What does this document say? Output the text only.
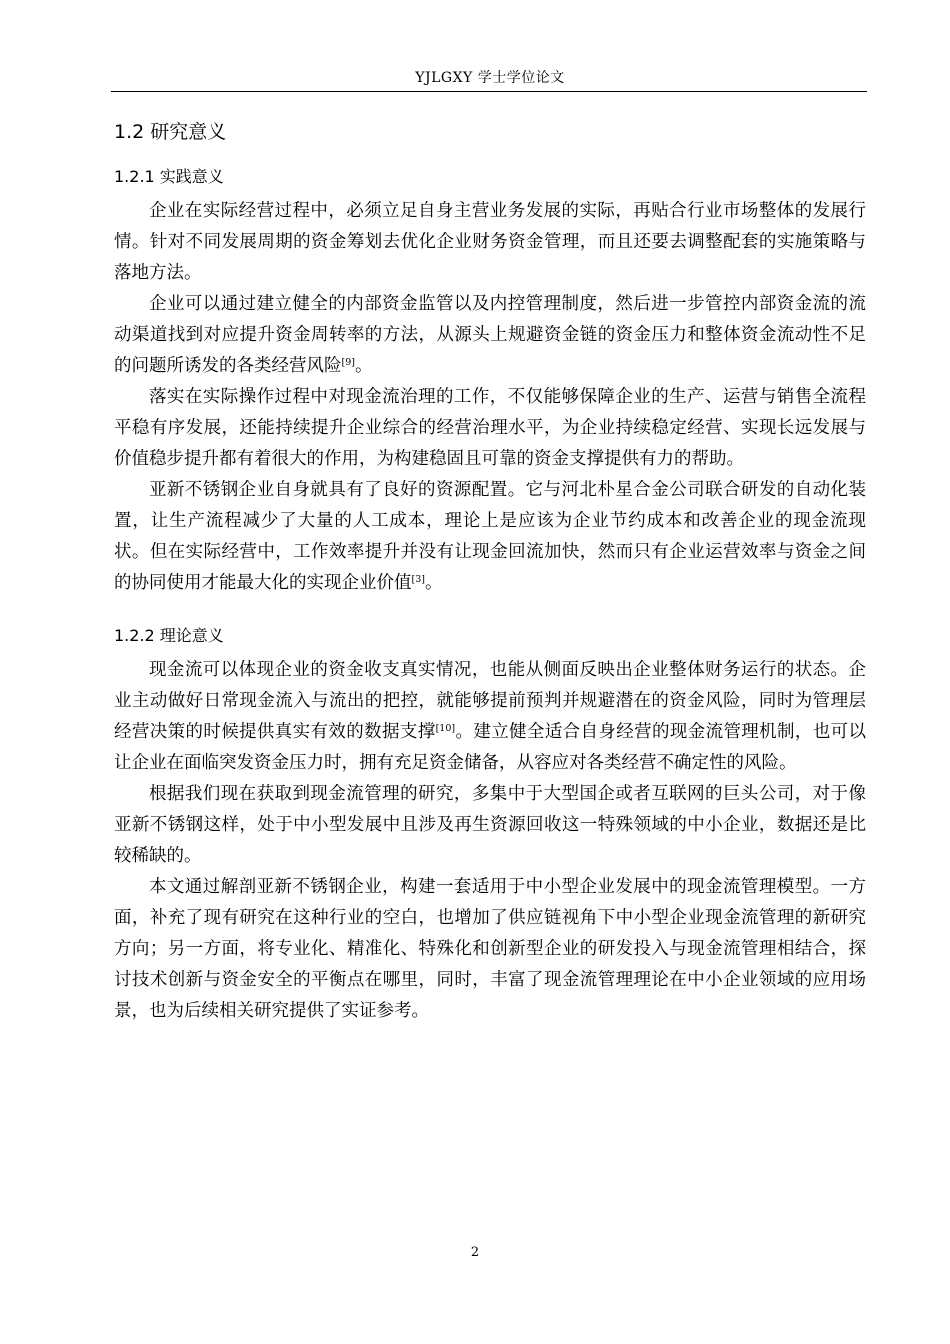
YJLGXY 学士学位论文
1.2 研究意义
1.2.1 实践意义

企业在实际经营过程中，必须立足自身主营业务发展的实际，再贴合行业市场整体的发展行情。针对不同发展周期的资金筹划去优化企业财务资金管理，而且还要去调整配套的实施策略与落地方法。

企业可以通过建立健全的内部资金监管以及内控管理制度，然后进一步管控内部资金流的流动渠道找到对应提升资金周转率的方法，从源头上规避资金链的资金压力和整体资金流动性不足的问题所诱发的各类经营风险[9]。

落实在实际操作过程中对现金流治理的工作，不仅能够保障企业的生产、运营与销售全流程平稳有序发展，还能持续提升企业综合的经营治理水平，为企业持续稳定经营、实现长远发展与价值稳步提升都有着很大的作用，为构建稳固且可靠的资金支撑提供有力的帮助。

亚新不锈钢企业自身就具有了良好的资源配置。它与河北朴星合金公司联合研发的自动化装置，让生产流程减少了大量的人工成本，理论上是应该为企业节约成本和改善企业的现金流现状。但在实际经营中，工作效率提升并没有让现金回流加快，然而只有企业运营效率与资金之间的协同使用才能最大化的实现企业价值[3]。

1.2.2 理论意义

现金流可以体现企业的资金收支真实情况，也能从侧面反映出企业整体财务运行的状态。企业主动做好日常现金流入与流出的把控，就能够提前预判并规避潜在的资金风险，同时为管理层经营决策的时候提供真实有效的数据支撑[10]。建立健全适合自身经营的现金流管理机制，也可以让企业在面临突发资金压力时，拥有充足资金储备，从容应对各类经营不确定性的风险。

根据我们现在获取到现金流管理的研究，多集中于大型国企或者互联网的巨头公司，对于像亚新不锈钢这样，处于中小型发展中且涉及再生资源回收这一特殊领域的中小企业，数据还是比较稀缺的。

本文通过解剖亚新不锈钢企业，构建一套适用于中小型企业发展中的现金流管理模型。一方面，补充了现有研究在这种行业的空白，也增加了供应链视角下中小型企业现金流管理的新研究方向；另一方面，将专业化、精准化、特殊化和创新型企业的研发投入与现金流管理相结合，探讨技术创新与资金安全的平衡点在哪里，同时，丰富了现金流管理理论在中小企业领域的应用场景，也为后续相关研究提供了实证参考。

2
